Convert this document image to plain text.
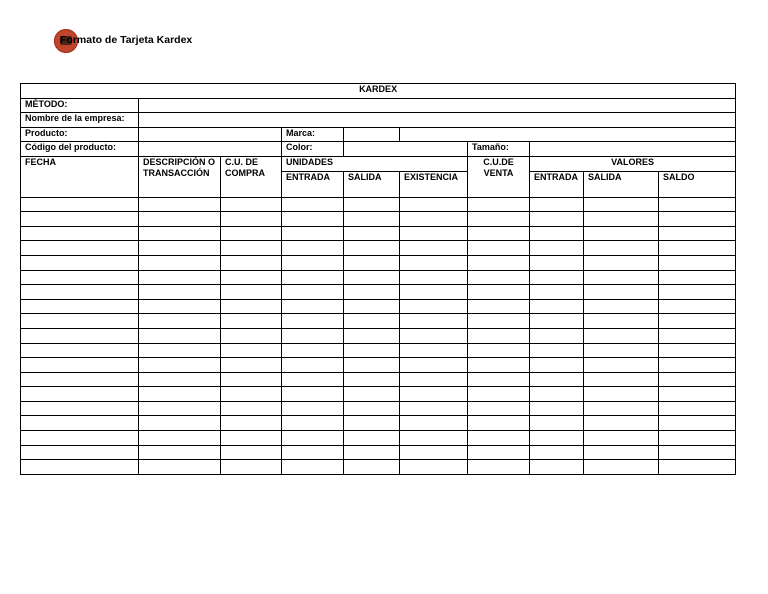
Formato de Tarjeta Kardex
KARDEX									
MÉTODO:									
Nombre de la empresa:									
Producto:			Marca:						
Código del producto:			Color:			Tamaño:			
FECHA	DESCRIPCIÓN O TRANSACCIÓN	C.U. DE COMPRA	UNIDADES			C.U.DE VENTA	VALORES		
			ENTRADA	SALIDA	EXISTENCIA		ENTRADA	SALIDA	SALDO
